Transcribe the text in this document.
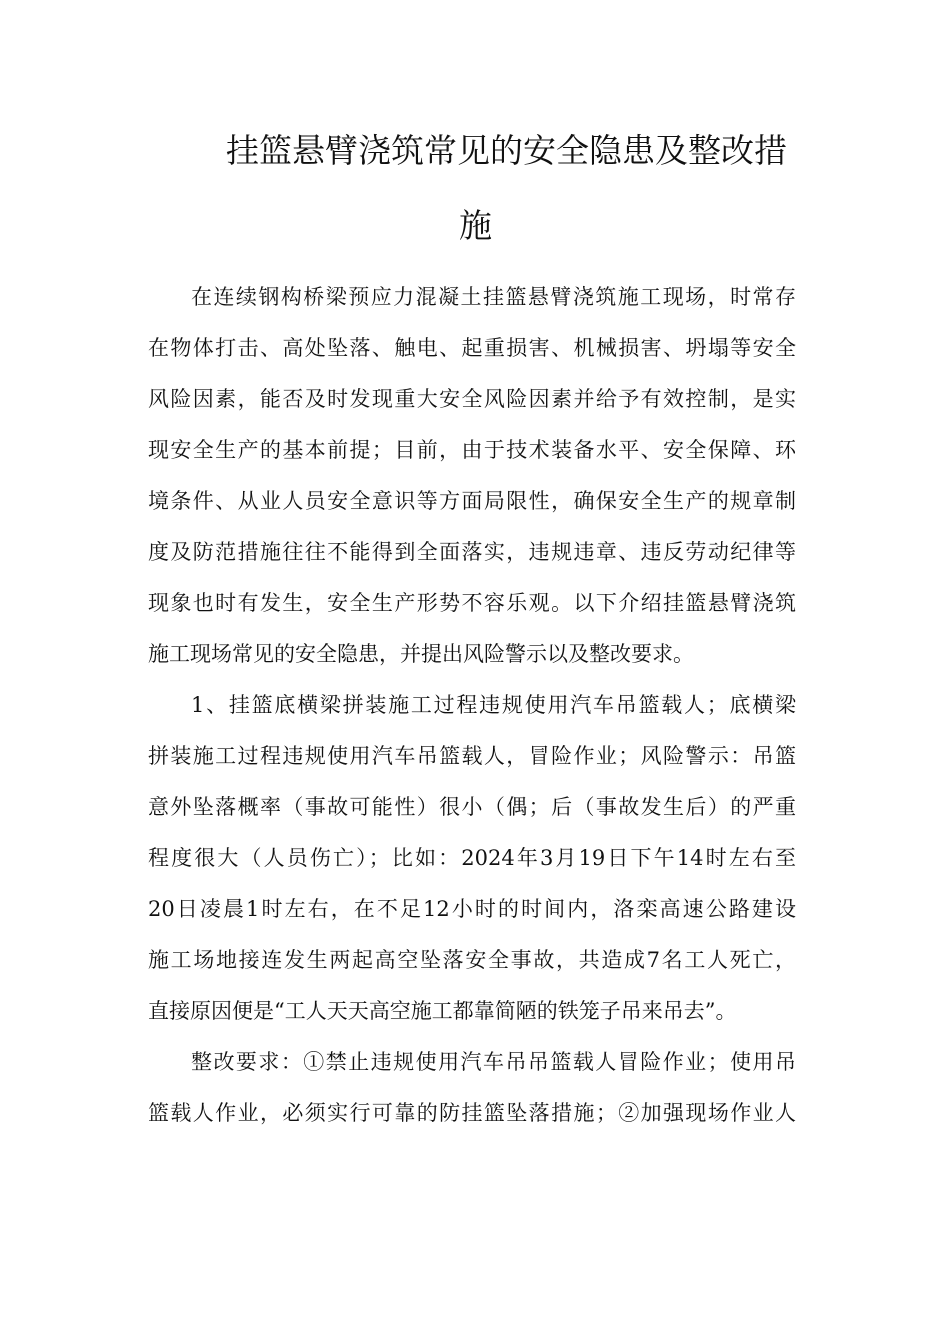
挂篮悬臂浇筑常见的安全隐患及整改措
施
在连续钢构桥梁预应力混凝土挂篮悬臂浇筑施工现场，时常存
在物体打击、高处坠落、触电、起重损害、机械损害、坍塌等安全
风险因素，能否及时发现重大安全风险因素并给予有效控制，是实
现安全生产的基本前提；目前，由于技术装备水平、安全保障、环
境条件、从业人员安全意识等方面局限性，确保安全生产的规章制
度及防范措施往往不能得到全面落实，违规违章、违反劳动纪律等
现象也时有发生，安全生产形势不容乐观。以下介绍挂篮悬臂浇筑
施工现场常见的安全隐患，并提出风险警示以及整改要求。
1、挂篮底横梁拼装施工过程违规使用汽车吊篮载人；底横梁
拼装施工过程违规使用汽车吊篮载人，冒险作业；风险警示：吊篮
意外坠落概率（事故可能性）很小（偶；后（事故发生后）的严重
程度很大（人员伤亡）；比如：2024年3月19日下午14时左右至
20日凌晨1时左右，在不足12小时的时间内，洛栾高速公路建设
施工场地接连发生两起高空坠落安全事故，共造成7名工人死亡，
直接原因便是“工人天天高空施工都靠简陋的铁笼子吊来吊去”。
整改要求：①禁止违规使用汽车吊吊篮载人冒险作业；使用吊
篮载人作业，必须实行可靠的防挂篮坠落措施；②加强现场作业人
